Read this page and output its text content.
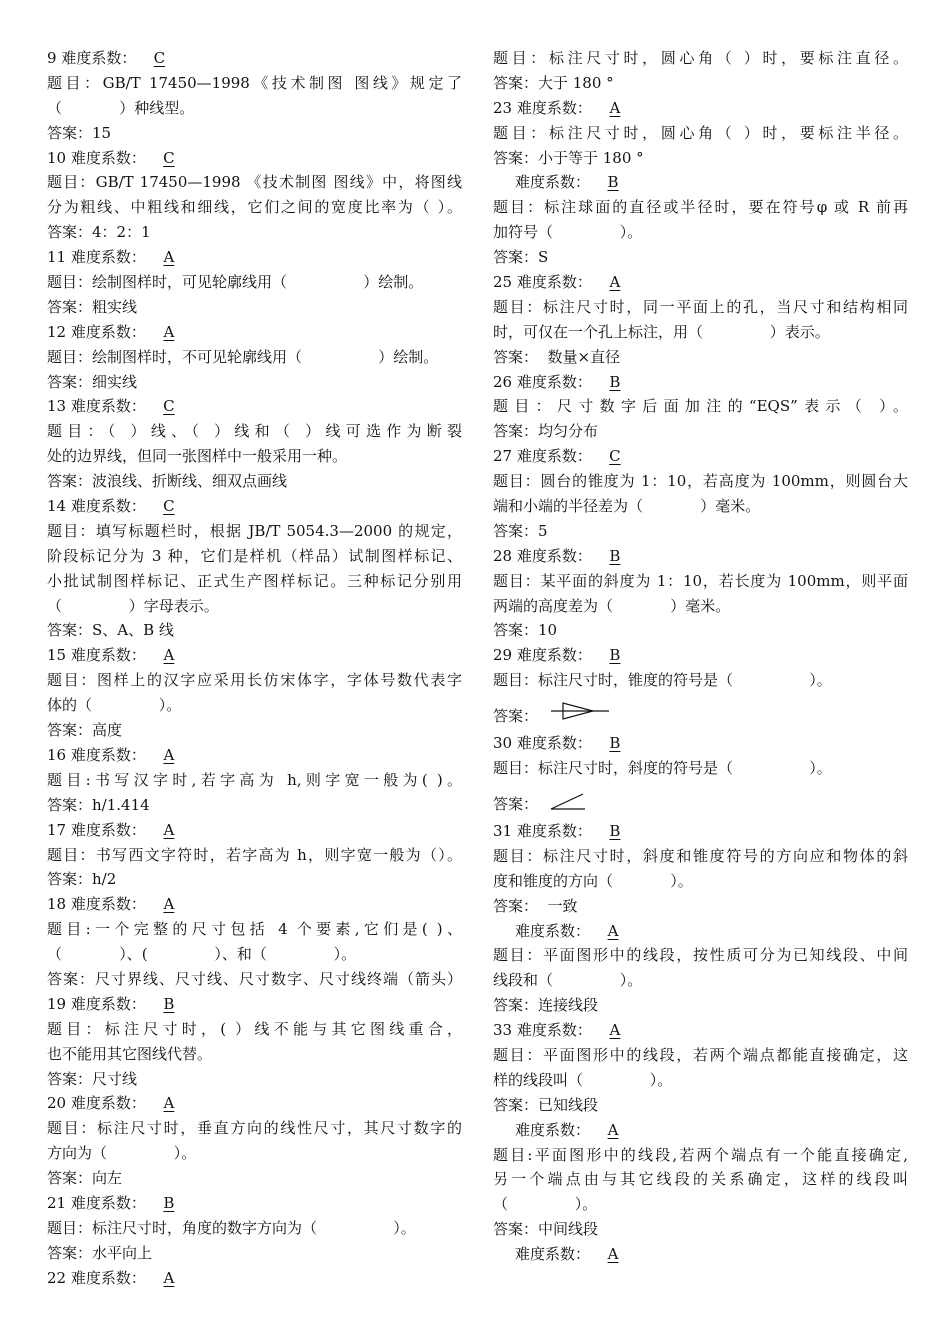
9 难度系数： C
题目：GB/T 17450—1998《技术制图 图线》规定了
（            ）种线型。
答案：15
10 难度系数： C
题目：GB/T 17450—1998 《技术制图 图线》中，将图线
分为粗线、中粗线和细线，它们之间的宽度比率为（ ）。
答案：4：2：1
11 难度系数： A
题目：绘制图样时，可见轮廓线用（                ）绘制。
答案：粗实线
12 难度系数： A
题目：绘制图样时，不可见轮廓线用（                ）绘制。
答案：细实线
13 难度系数： C
题目：（ ）线、（ ）线和（ ）线可选作为断裂
处的边界线，但同一张图样中一般采用一种。
答案：波浪线、折断线、细双点画线
14 难度系数： C
题目：填写标题栏时，根据 JB/T 5054.3—2000 的规定，
阶段标记分为 3 种，它们是样机（样品）试制图样标记、
小批试制图样标记、正式生产图样标记。三种标记分别用
（              ）字母表示。
答案：S、A、B 线
15 难度系数： A
题目：图样上的汉字应采用长仿宋体字，字体号数代表字
体的（              ）。
答案：高度
16 难度系数： A
题目:书写汉字时,若字高为 h,则字宽一般为( )。
答案：h/1.414
17 难度系数： A
题目：书写西文字符时，若字高为 h，则字宽一般为（）。
答案：h/2
18 难度系数： A
题目:一个完整的尺寸包括 4 个要素,它们是( )、
（            ）、(              ）、和（              ）。
答案：尺寸界线、尺寸线、尺寸数字、尺寸线终端（箭头）
19 难度系数： B
题目：标注尺寸时，( ）线不能与其它图线重合，
也不能用其它图线代替。
答案：尺寸线
20 难度系数： A
题目：标注尺寸时，垂直方向的线性尺寸，其尺寸数字的
方向为（              ）。
答案：向左
21 难度系数： B
题目：标注尺寸时，角度的数字方向为（                ）。
答案：水平向上
22 难度系数： A
题目：标注尺寸时，圆心角（ ）时，要标注直径。
答案：大于 180 °
23 难度系数： A
题目：标注尺寸时，圆心角（ ）时，要标注半径。
答案：小于等于 180 °
难度系数： B
题目：标注球面的直径或半径时，要在符号φ 或 R 前再
加符号（              ）。
答案：S
25 难度系数： A
题目：标注尺寸时，同一平面上的孔，当尺寸和结构相同
时，可仅在一个孔上标注，用（              ）表示。
答案：  数量×直径
26 难度系数： B
题目：尺寸数字后面加注的“EQS”表示（ ）。
答案：均匀分布
27 难度系数： C
题目：圆台的锥度为 1：10，若高度为 100mm，则圆台大
端和小端的半径差为（            ）毫米。
答案：5
28 难度系数： B
题目：某平面的斜度为 1：10，若长度为 100mm，则平面
两端的高度差为（            ）毫米。
答案：10
29 难度系数： B
题目：标注尺寸时，锥度的符号是（                ）。
答案：
30 难度系数： B
题目：标注尺寸时，斜度的符号是（                ）。
答案：
31 难度系数： B
题目：标注尺寸时，斜度和锥度符号的方向应和物体的斜
度和锥度的方向（            ）。
答案：  一致
难度系数： A
题目：平面图形中的线段，按性质可分为已知线段、中间
线段和（              ）。
答案：连接线段
33 难度系数： A
题目：平面图形中的线段，若两个端点都能直接确定，这
样的线段叫（              ）。
答案：已知线段
难度系数： A
题目:平面图形中的线段,若两个端点有一个能直接确定,
另一个端点由与其它线段的关系确定，这样的线段叫
（              ）。
答案：中间线段
难度系数： A
